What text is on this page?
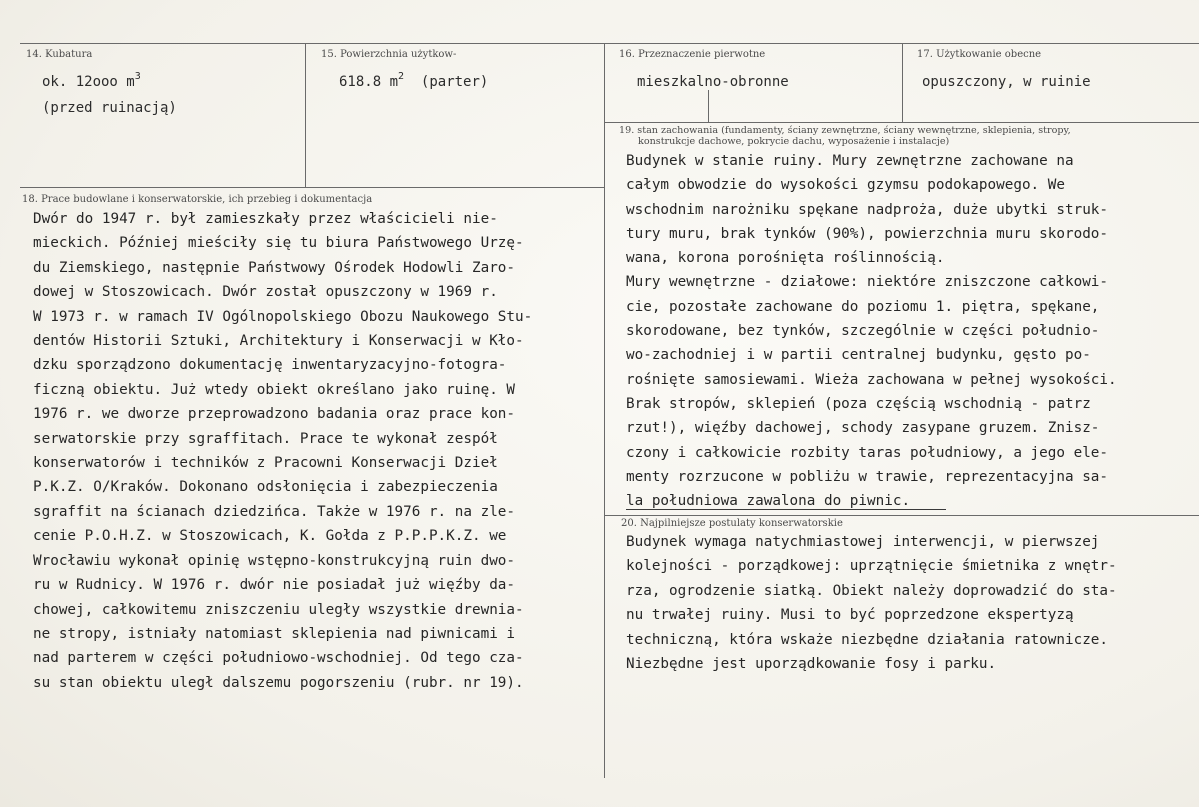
14. Kubatura
ok. 12ooo $m^3$
(przed ruinacją)
15. Powierzchnia użytkow-
618.8 $m^2$  (parter)
16. Przeznaczenie pierwotne
mieszkalno-obronne
17. Użytkowanie obecne
opuszczony, w ruinie
19. stan zachowania (fundamenty, ściany zewnętrzne, ściany wewnętrzne, sklepienia, stropy,
konstrukcje dachowe, pokrycie dachu, wyposażenie i instalacje)
Budynek w stanie ruiny. Mury zewnętrzne zachowane na
całym obwodzie do wysokości gzymsu podokapowego. We
wschodnim narożniku spękane nadproża, duże ubytki struk-
tury muru, brak tynków (90%), powierzchnia muru skorodo-
wana, korona porośnięta roślinnością.
Mury wewnętrzne - działowe: niektóre zniszczone całkowi-
cie, pozostałe zachowane do poziomu 1. piętra, spękane,
skorodowane, bez tynków, szczególnie w części południo-
wo-zachodniej i w partii centralnej budynku, gęsto po-
rośnięte samosiewami. Wieża zachowana w pełnej wysokości.
Brak stropów, sklepień (poza częścią wschodnią - patrz
rzut!), więźby dachowej, schody zasypane gruzem. Znisz-
czony i całkowicie rozbity taras południowy, a jego ele-
menty rozrzucone w pobliżu w trawie, reprezentacyjna sa-
la południowa zawalona do piwnic.
18. Prace budowlane i konserwatorskie, ich przebieg i dokumentacja
Dwór do 1947 r. był zamieszkały przez właścicieli nie-
mieckich. Później mieściły się tu biura Państwowego Urzę-
du Ziemskiego, następnie Państwowy Ośrodek Hodowli Zaro-
dowej w Stoszowicach. Dwór został opuszczony w 1969 r.
W 1973 r. w ramach IV Ogólnopolskiego Obozu Naukowego Stu-
dentów Historii Sztuki, Architektury i Konserwacji w Kło-
dzku sporządzono dokumentację inwentaryzacyjno-fotogra-
ficzną obiektu. Już wtedy obiekt określano jako ruinę. W
1976 r. we dworze przeprowadzono badania oraz prace kon-
serwatorskie przy sgraffitach. Prace te wykonał zespół
konserwatorów i techników z Pracowni Konserwacji Dzieł
P.K.Z. O/Kraków. Dokonano odsłonięcia i zabezpieczenia
sgraffit na ścianach dziedzińca. Także w 1976 r. na zle-
cenie P.O.H.Z. w Stoszowicach, K. Gołda z P.P.P.K.Z. we
Wrocławiu wykonał opinię wstępno-konstrukcyjną ruin dwo-
ru w Rudnicy. W 1976 r. dwór nie posiadał już więźby da-
chowej, całkowitemu zniszczeniu uległy wszystkie drewnia-
ne stropy, istniały natomiast sklepienia nad piwnicami i
nad parterem w części południowo-wschodniej. Od tego cza-
su stan obiektu uległ dalszemu pogorszeniu (rubr. nr 19).
20. Najpilniejsze postulaty konserwatorskie
Budynek wymaga natychmiastowej interwencji, w pierwszej
kolejności - porządkowej: uprzątnięcie śmietnika z wnętr-
rza, ogrodzenie siatką. Obiekt należy doprowadzić do sta-
nu trwałej ruiny. Musi to być poprzedzone ekspertyzą
techniczną, która wskaże niezbędne działania ratownicze.
Niezbędne jest uporządkowanie fosy i parku.
